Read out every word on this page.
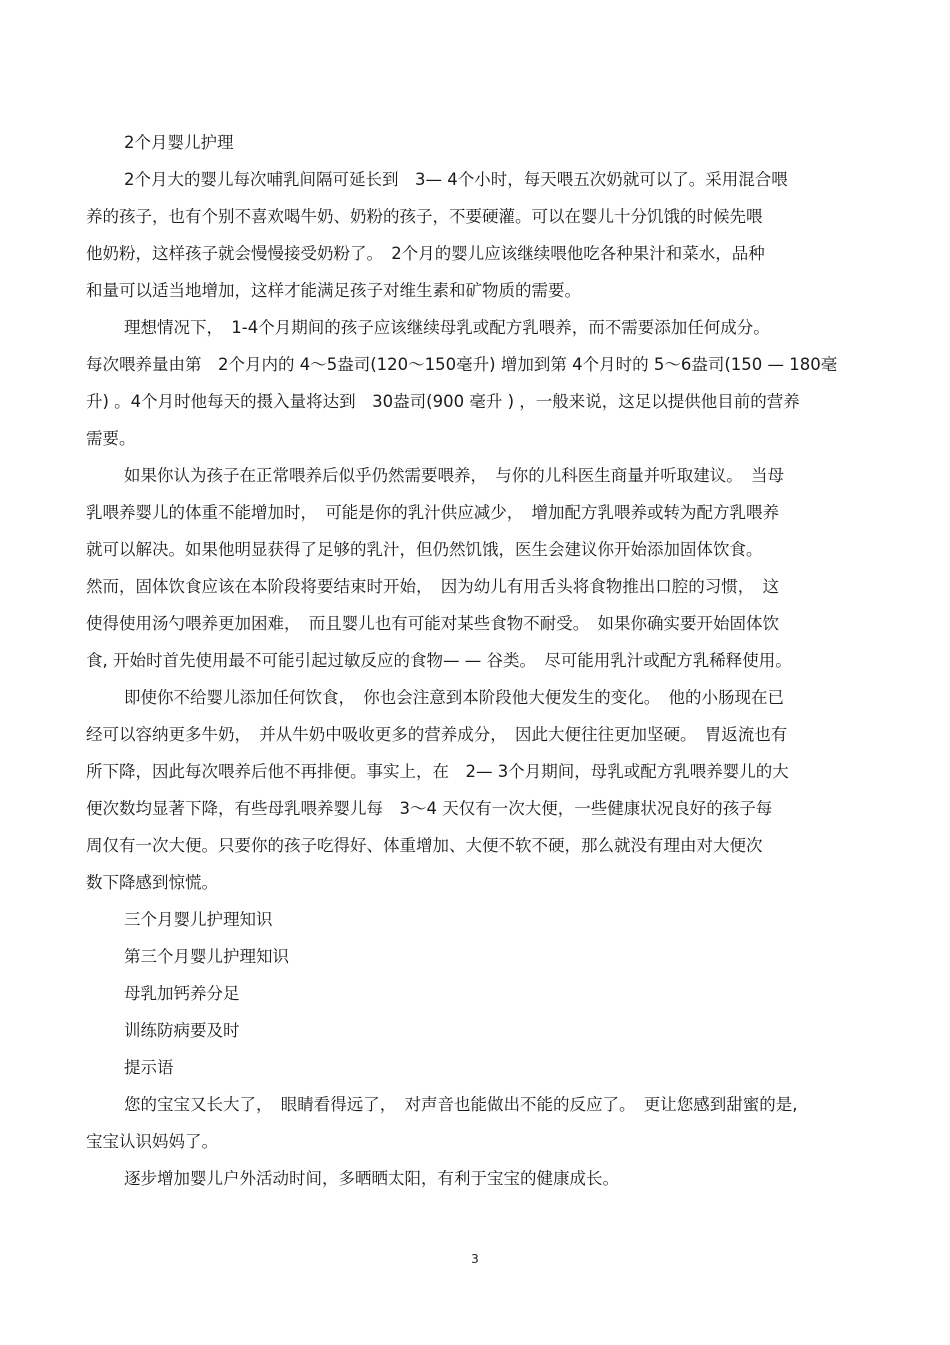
2个月婴儿护理
2个月大的婴儿每次哺乳间隔可延长到　3— 4个小时，每天喂五次奶就可以了。采用混合喂
养的孩子，也有个别不喜欢喝牛奶、奶粉的孩子，不要硬灌。可以在婴儿十分饥饿的时候先喂
他奶粉，这样孩子就会慢慢接受奶粉了。　2个月的婴儿应该继续喂他吃各种果汁和菜水，品种
和量可以适当地增加，这样才能满足孩子对维生素和矿物质的需要。
理想情况下，　1-4个月期间的孩子应该继续母乳或配方乳喂养，而不需要添加任何成分。
每次喂养量由第　2个月内的 4～5盎司(120～150毫升) 增加到第 4个月时的 5～6盎司(150 — 180毫
升) 。4个月时他每天的摄入量将达到　30盎司(900 毫升 ) ，一般来说，这足以提供他目前的营养
需要。
如果你认为孩子在正常喂养后似乎仍然需要喂养，　与你的儿科医生商量并听取建议。　当母
乳喂养婴儿的体重不能增加时，　可能是你的乳汁供应减少，　增加配方乳喂养或转为配方乳喂养
就可以解决。如果他明显获得了足够的乳汁，但仍然饥饿，医生会建议你开始添加固体饮食。
然而，固体饮食应该在本阶段将要结束时开始，　因为幼儿有用舌头将食物推出口腔的习惯，　这
使得使用汤勺喂养更加困难，　而且婴儿也有可能对某些食物不耐受。　如果你确实要开始固体饮
食, 开始时首先使用最不可能引起过敏反应的食物— — 谷类。　尽可能用乳汁或配方乳稀释使用。
即使你不给婴儿添加任何饮食，　你也会注意到本阶段他大便发生的变化。　他的小肠现在已
经可以容纳更多牛奶，　并从牛奶中吸收更多的营养成分，　因此大便往往更加坚硬。　胃返流也有
所下降，因此每次喂养后他不再排便。事实上，在　2— 3个月期间，母乳或配方乳喂养婴儿的大
便次数均显著下降，有些母乳喂养婴儿每　3～4 天仅有一次大便，一些健康状况良好的孩子每
周仅有一次大便。只要你的孩子吃得好、体重增加、大便不软不硬，那么就没有理由对大便次
数下降感到惊慌。
三个月婴儿护理知识
第三个月婴儿护理知识
母乳加钙养分足
训练防病要及时
提示语
您的宝宝又长大了，　眼睛看得远了，　对声音也能做出不能的反应了。　更让您感到甜蜜的是,
宝宝认识妈妈了。
逐步增加婴儿户外活动时间，多晒晒太阳，有利于宝宝的健康成长。
3
